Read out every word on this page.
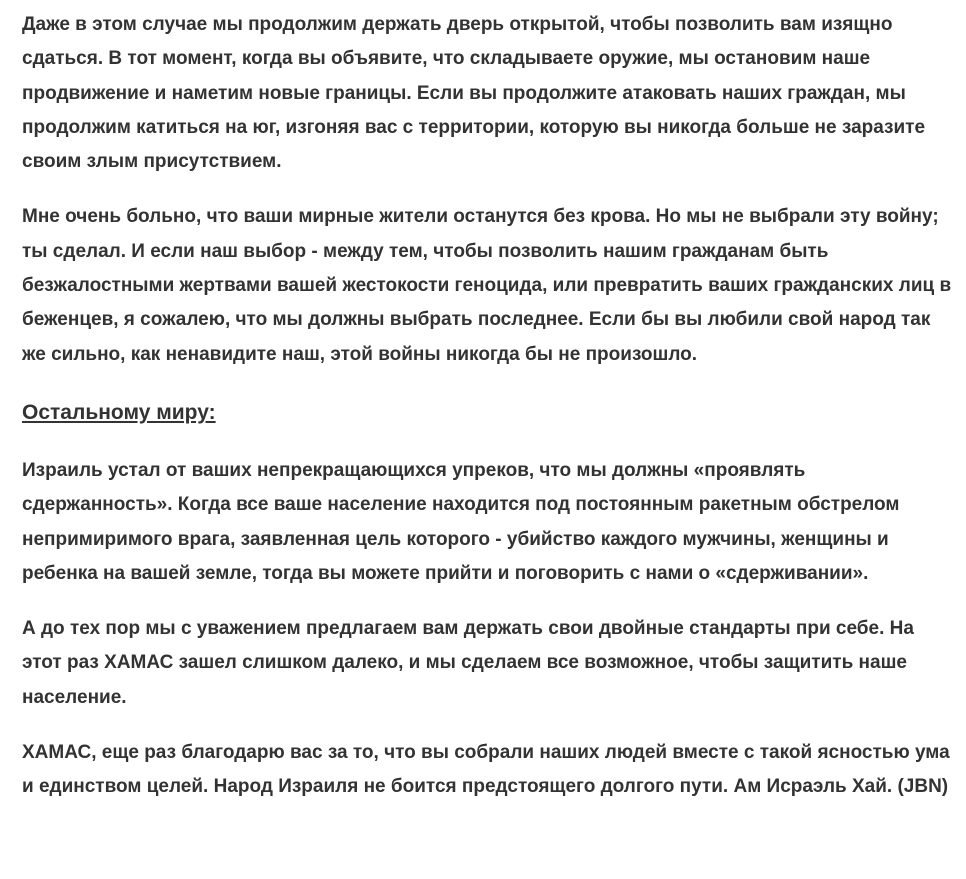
Даже в этом случае мы продолжим держать дверь открытой, чтобы позволить вам изящно сдаться. В тот момент, когда вы объявите, что складываете оружие, мы остановим наше продвижение и наметим новые границы. Если вы продолжите атаковать наших граждан, мы продолжим катиться на юг, изгоняя вас с территории, которую вы никогда больше не заразите своим злым присутствием.

Мне очень больно, что ваши мирные жители останутся без крова. Но мы не выбрали эту войну; ты сделал. И если наш выбор - между тем, чтобы позволить нашим гражданам быть безжалостными жертвами вашей жестокости геноцида, или превратить ваших гражданских лиц в беженцев, я сожалею, что мы должны выбрать последнее. Если бы вы любили свой народ так же сильно, как ненавидите наш, этой войны никогда бы не произошло.

Остальному миру:

Израиль устал от ваших непрекращающихся упреков, что мы должны «проявлять сдержанность». Когда все ваше население находится под постоянным ракетным обстрелом непримиримого врага, заявленная цель которого - убийство каждого мужчины, женщины и ребенка на вашей земле, тогда вы можете прийти и поговорить с нами о «сдерживании».

А до тех пор мы с уважением предлагаем вам держать свои двойные стандарты при себе. На этот раз ХАМАС зашел слишком далеко, и мы сделаем все возможное, чтобы защитить наше население.

ХАМАС, еще раз благодарю вас за то, что вы собрали наших людей вместе с такой ясностью ума и единством целей. Народ Израиля не боится предстоящего долгого пути. Ам Исраэль Хай. (JBN)
